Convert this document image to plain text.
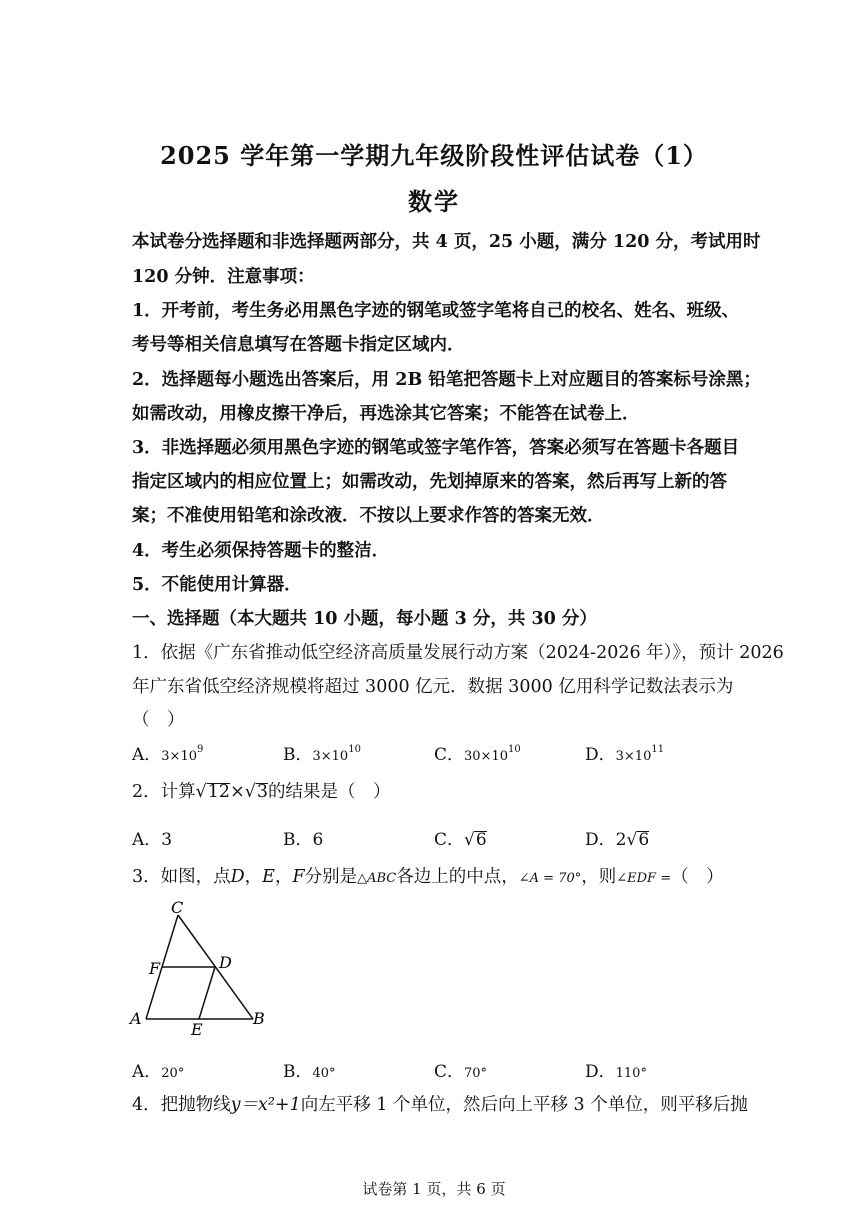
2025 学年第一学期九年级阶段性评估试卷（1）
数学
本试卷分选择题和非选择题两部分，共 4 页，25 小题，满分 120 分，考试用时
120 分钟．注意事项：
1．开考前，考生务必用黑色字迹的钢笔或签字笔将自己的校名、姓名、班级、
考号等相关信息填写在答题卡指定区域内．
2．选择题每小题选出答案后，用 2B 铅笔把答题卡上对应题目的答案标号涂黑；
如需改动，用橡皮擦干净后，再选涂其它答案；不能答在试卷上．
3．非选择题必须用黑色字迹的钢笔或签字笔作答，答案必须写在答题卡各题目
指定区域内的相应位置上；如需改动，先划掉原来的答案，然后再写上新的答
案；不准使用铅笔和涂改液．不按以上要求作答的答案无效．
4．考生必须保持答题卡的整洁．
5．不能使用计算器．
一、选择题（本大题共 10 小题，每小题 3 分，共 30 分）
1．依据《广东省推动低空经济高质量发展行动方案（2024-2026 年）》，预计 2026
年广东省低空经济规模将超过 3000 亿元．数据 3000 亿用科学记数法表示为
（　）
A．$3\times 10^9$	B．$3\times 10^{10}$	C．$30\times 10^{10}$	D．$3\times 10^{11}$
2．计算√12×√3的结果是（　）
A．3	B．6	C．√6	D．2√6
3．如图，点D，E，F分别是△ABC各边上的中点，∠A = 70°，则∠EDF =（　）
C
F	D
A
E
B
A．20°	B．40°	C．70°	D．110°
4．把抛物线y＝x²+1向左平移 1 个单位，然后向上平移 3 个单位，则平移后抛
试卷第 1 页，共 6 页
